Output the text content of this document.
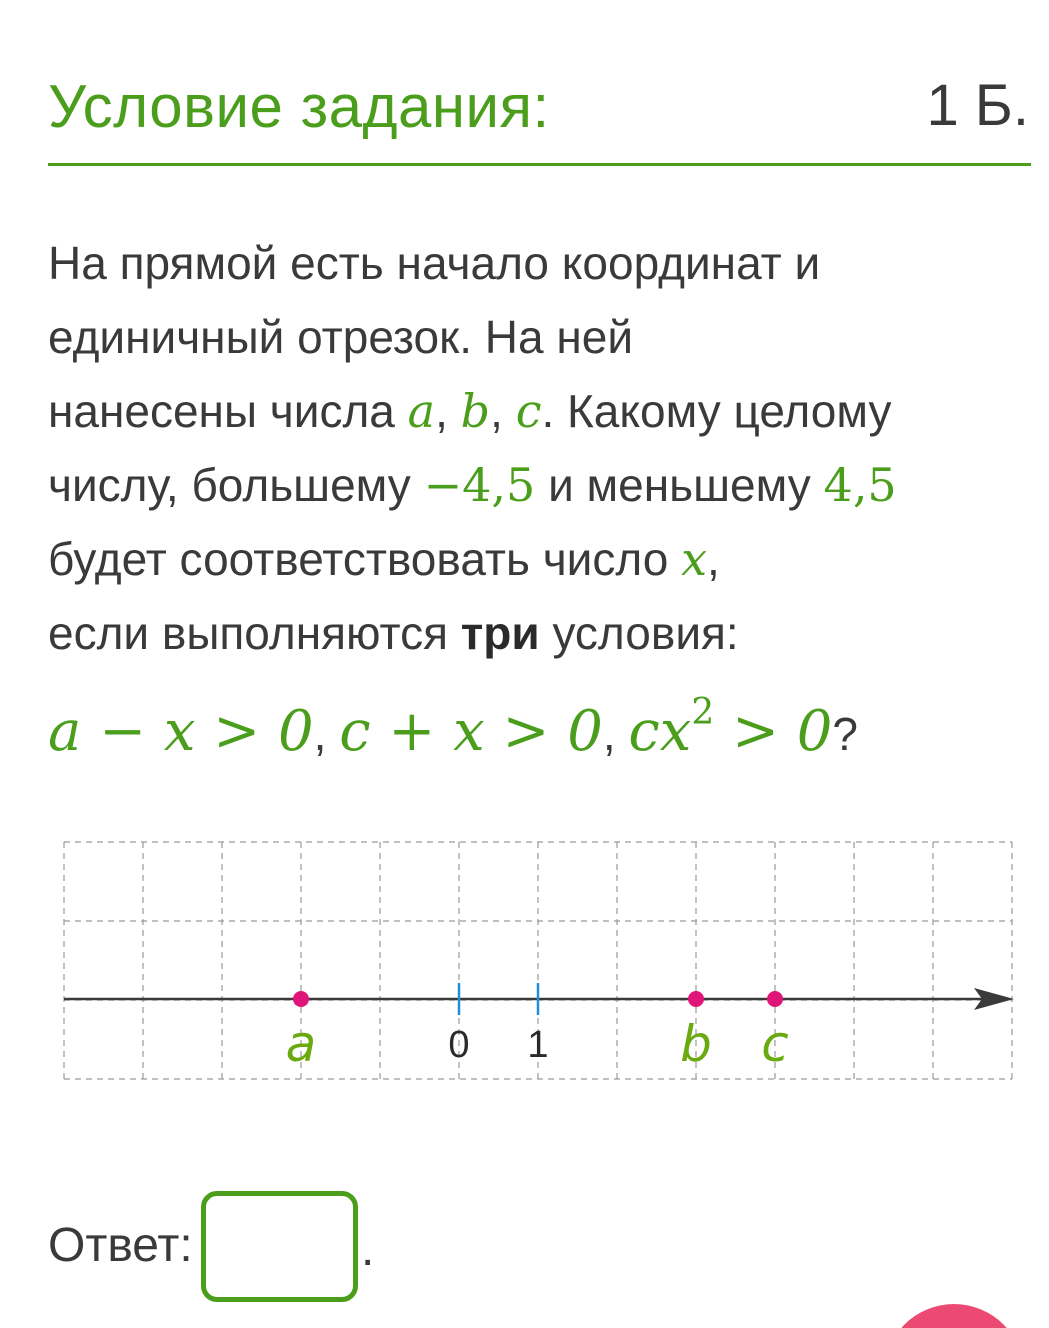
Условие задания:	1 Б.
На прямой есть начало координат и
единичный отрезок. На ней
нанесены числа a, b, c. Какому целому
числу, большему −4,5 и меньшему 4,5
будет соответствовать число x,
если выполняются три условия:
a − x > 0, c + x > 0, $cx^2 > 0$?
0 1
a	b c
Ответ:	.
